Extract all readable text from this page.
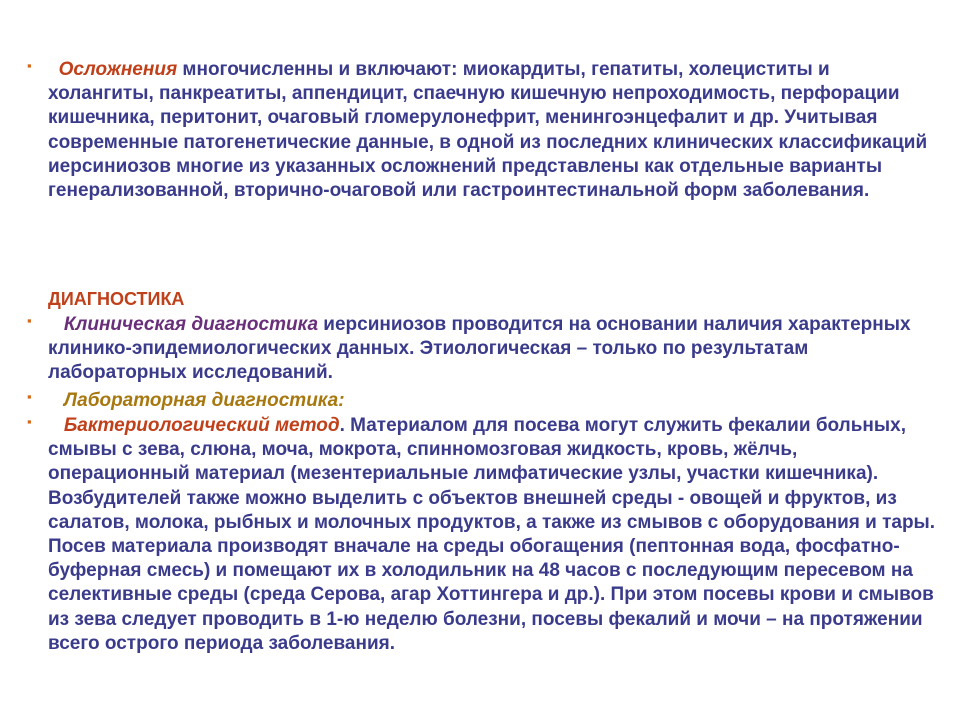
▪	Осложнения многочисленны и включают: миокардиты, гепатиты, холециститы и холангиты, панкреатиты, аппендицит, спаечную кишечную непроходимость, перфорации кишечника, перитонит, очаговый гломерулонефрит, менингоэнцефалит и др. Учитывая современные патогенетические данные, в одной из последних клинических классификаций иерсиниозов многие из указанных осложнений представлены как отдельные варианты генерализованной, вторично-очаговой или гастроинтестинальной форм заболевания.

ДИАГНОСТИКА

▪	Клиническая диагностика иерсиниозов проводится на основании наличия характерных клинико-эпидемиологических данных. Этиологическая – только по результатам лабораторных исследований.

▪	Лабораторная диагностика:

▪	Бактериологический метод. Материалом для посева могут служить фекалии больных, смывы с зева, слюна, моча, мокрота, спинномозговая жидкость, кровь, жёлчь, операционный материал (мезентериальные лимфатические узлы, участки кишечника). Возбудителей также можно выделить с объектов внешней среды - овощей и фруктов, из салатов, молока, рыбных и молочных продуктов, а также из смывов с оборудования и тары. Посев материала производят вначале на среды обогащения (пептонная вода, фосфатно-буферная смесь) и помещают их в холодильник на 48 часов с последующим пересевом на селективные среды (среда Серова, агар Хоттингера и др.). При этом посевы крови и смывов из зева следует проводить в 1-ю неделю болезни, посевы фекалий и мочи – на протяжении всего острого периода заболевания.
